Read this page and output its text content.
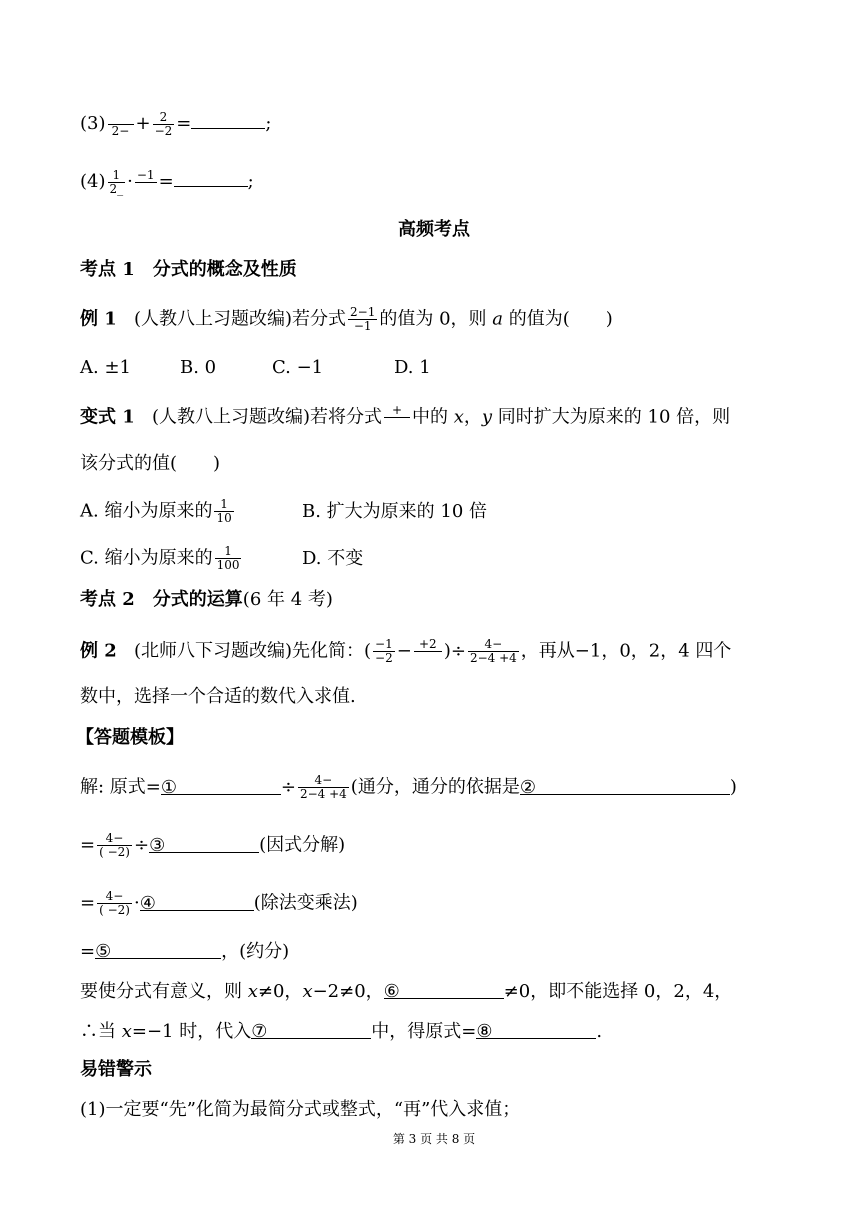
(3) $2- + \frac{2}{-2}$ =	;
$(4) \frac{1}{2\_} \cdot -1$ =	;
高频考点
考点 1　分式的概念及性质
例 1 (人教八上习题改编)若分式 $\frac{2-1}{-1}$ 的值为 0，则 a 的值为(　　)
A. ±1	B. 0	C. −1	D. 1
变式 1 (人教八上习题改编)若将分式 + 中的 x，y 同时扩大为原来的 10 倍，则
该分式的值(　　)
A. 缩小为原来的 $\frac{1}{10}$	B. 扩大为原来的 10 倍
C. 缩小为原来的 $\frac{1}{100}$	D. 不变
考点 2　分式的运算(6 年 4 考)
例 2 (北师八下习题改编)先化简：( $\frac{-1}{-2} - +2$ )÷ $\frac{4-}{2-4 +4}$ ，再从−1，0，2，4 四个
数中，选择一个合适的数代入求值.
【答题模板】
解: 原式=①	÷ $\frac{4-}{2-4 +4}$ (通分，通分的依据是②	)
= $\frac{4-}{( -2)}$ ÷③	(因式分解)
= $\frac{4-}{( -2)}$ ·④	(除法变乘法)
=⑤	，(约分)
要使分式有意义，则 x≠0，x−2≠0，⑥	≠0，即不能选择 0，2，4，
∴当 x=−1 时，代入⑦	中，得原式=⑧	.
易错警示
(1)一定要“先”化简为最简分式或整式，“再”代入求值；
第 3 页 共 8 页
